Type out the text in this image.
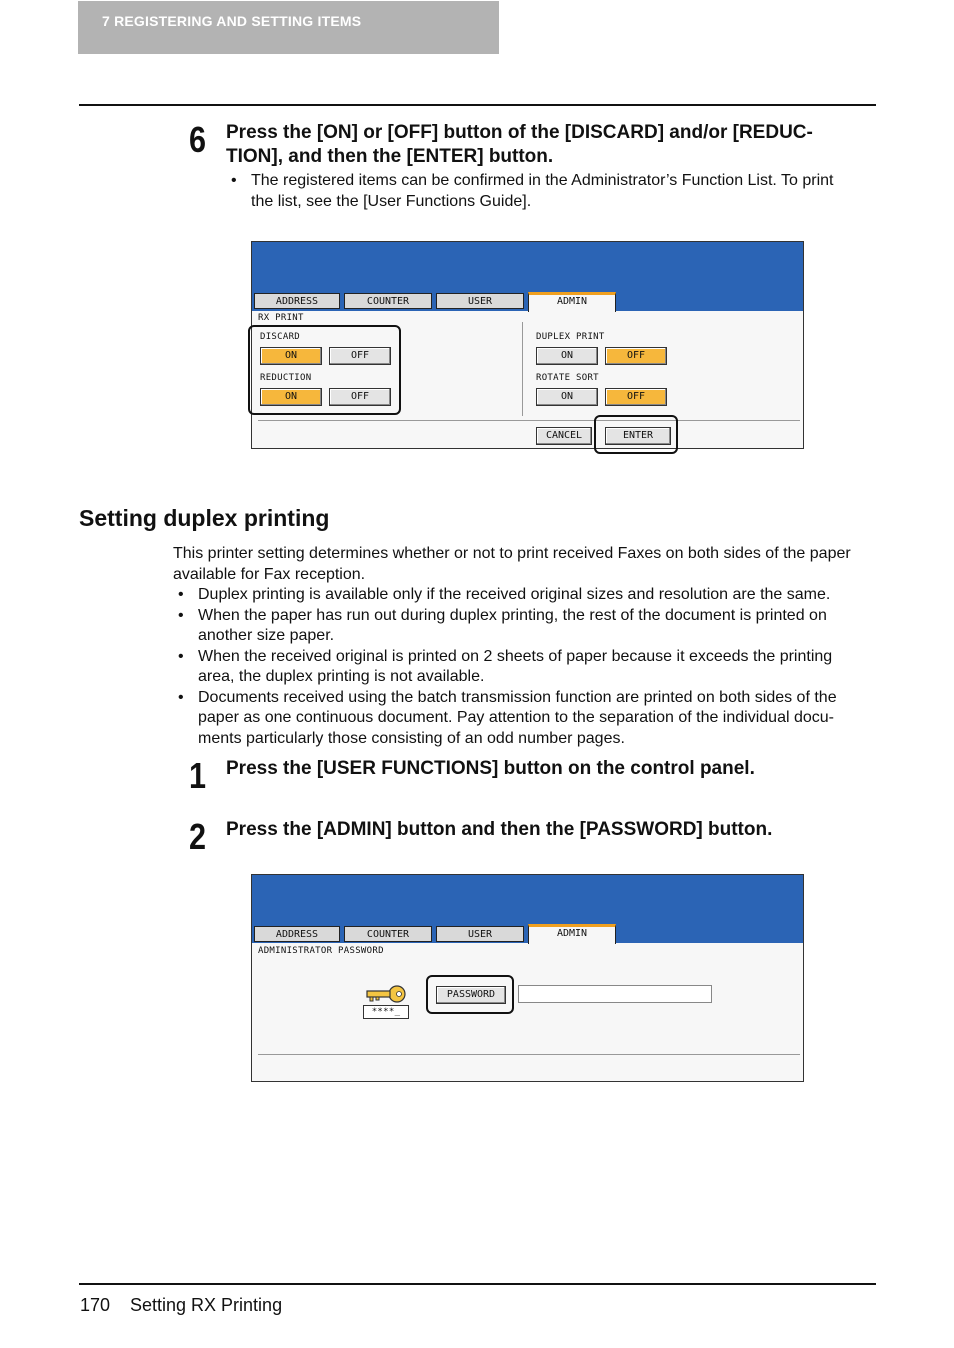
7 REGISTERING AND SETTING ITEMS
6 Press the [ON] or [OFF] button of the [DISCARD] and/or [REDUC-
TION], and then the [ENTER] button.
• The registered items can be confirmed in the Administrator’s Function List. To print
the list, see the [User Functions Guide].
ADDRESS	COUNTER	USER	ADMIN
RX PRINT
DISCARD
ON	OFF
REDUCTION
ON	OFF
DUPLEX PRINT
ON	OFF
ROTATE SORT
ON	OFF
CANCEL	ENTER
Setting duplex printing
This printer setting determines whether or not to print received Faxes on both sides of the paper
available for Fax reception.
• Duplex printing is available only if the received original sizes and resolution are the same.
• When the paper has run out during duplex printing, the rest of the document is printed on
another size paper.
• When the received original is printed on 2 sheets of paper because it exceeds the printing
area, the duplex printing is not available.
• Documents received using the batch transmission function are printed on both sides of the
paper as one continuous document. Pay attention to the separation of the individual docu-
ments particularly those consisting of an odd number pages.
1 Press the [USER FUNCTIONS] button on the control panel.
2 Press the [ADMIN] button and then the [PASSWORD] button.
ADDRESS	COUNTER	USER	ADMIN
ADMINISTRATOR PASSWORD
****_
PASSWORD
170 Setting RX Printing
